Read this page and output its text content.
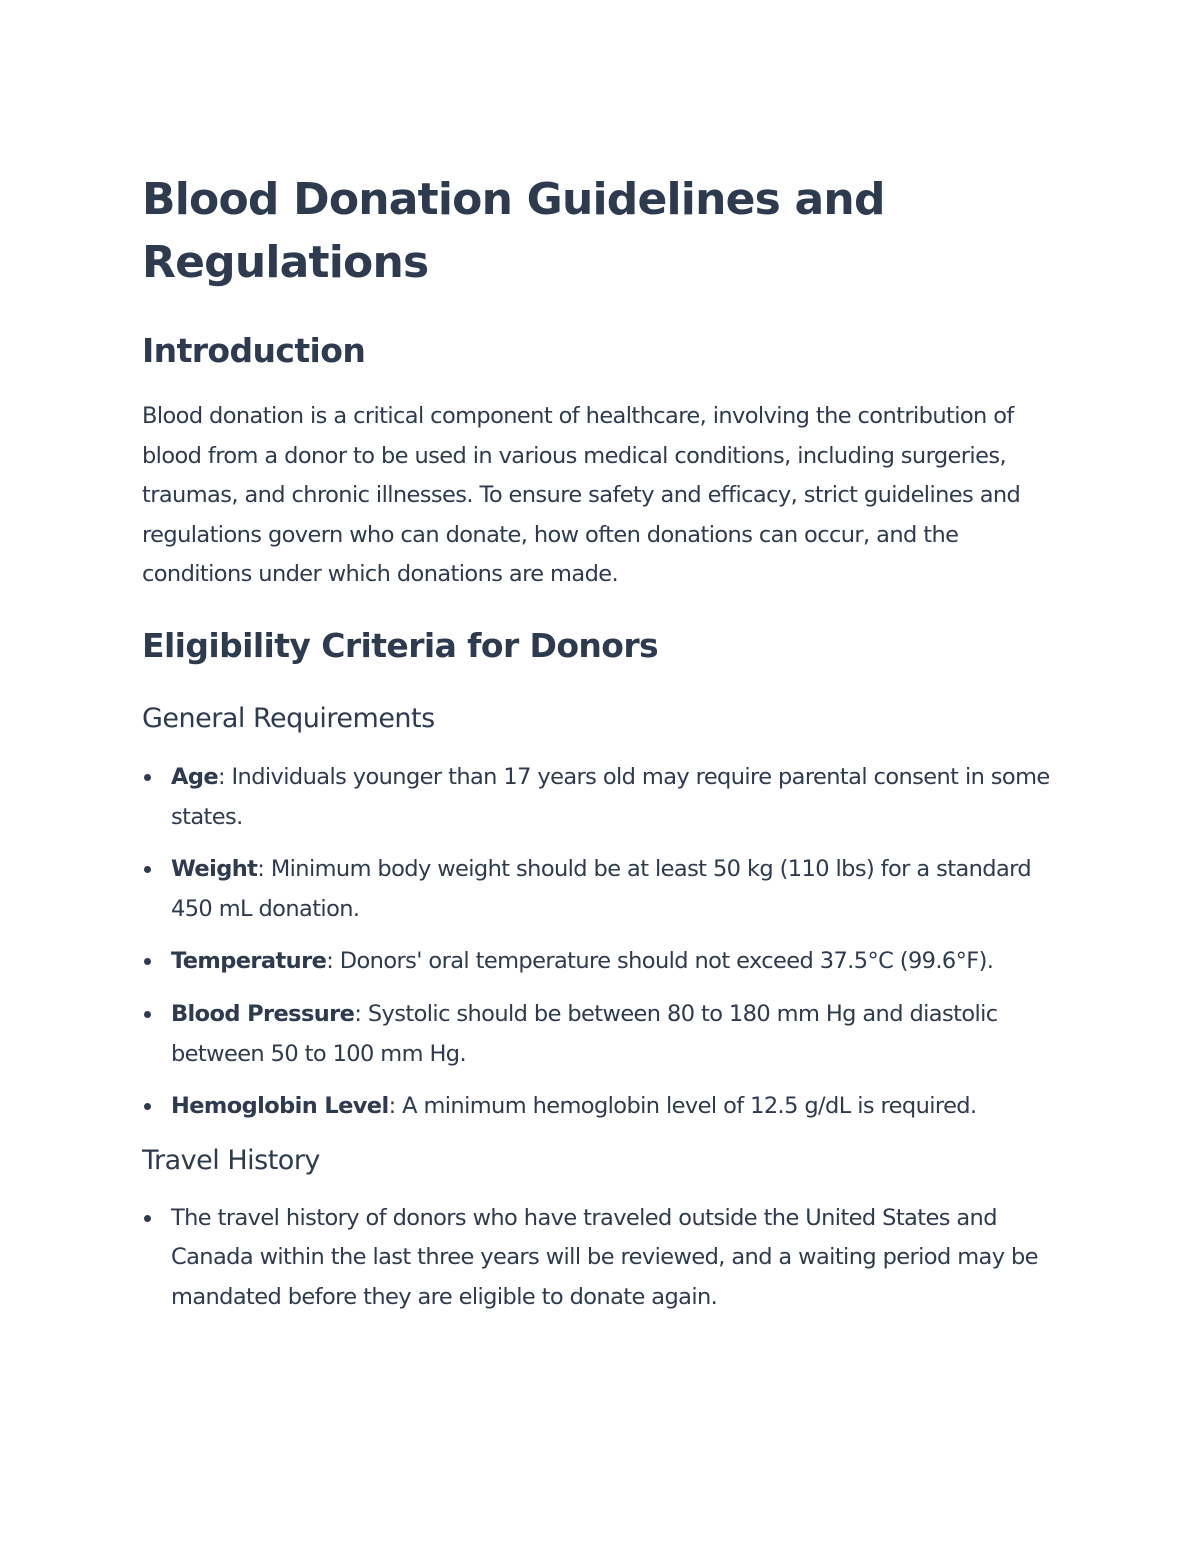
Blood Donation Guidelines and Regulations
Introduction

Blood donation is a critical component of healthcare, involving the contribution of blood from a donor to be used in various medical conditions, including surgeries, traumas, and chronic illnesses. To ensure safety and efficacy, strict guidelines and regulations govern who can donate, how often donations can occur, and the conditions under which donations are made.

Eligibility Criteria for Donors
General Requirements
Age: Individuals younger than 17 years old may require parental consent in some states.
Weight: Minimum body weight should be at least 50 kg (110 lbs) for a standard 450 mL donation.
Temperature: Donors' oral temperature should not exceed 37.5°C (99.6°F).
Blood Pressure: Systolic should be between 80 to 180 mm Hg and diastolic between 50 to 100 mm Hg.
Hemoglobin Level: A minimum hemoglobin level of 12.5 g/dL is required.
Travel History
The travel history of donors who have traveled outside the United States and Canada within the last three years will be reviewed, and a waiting period may be mandated before they are eligible to donate again.
